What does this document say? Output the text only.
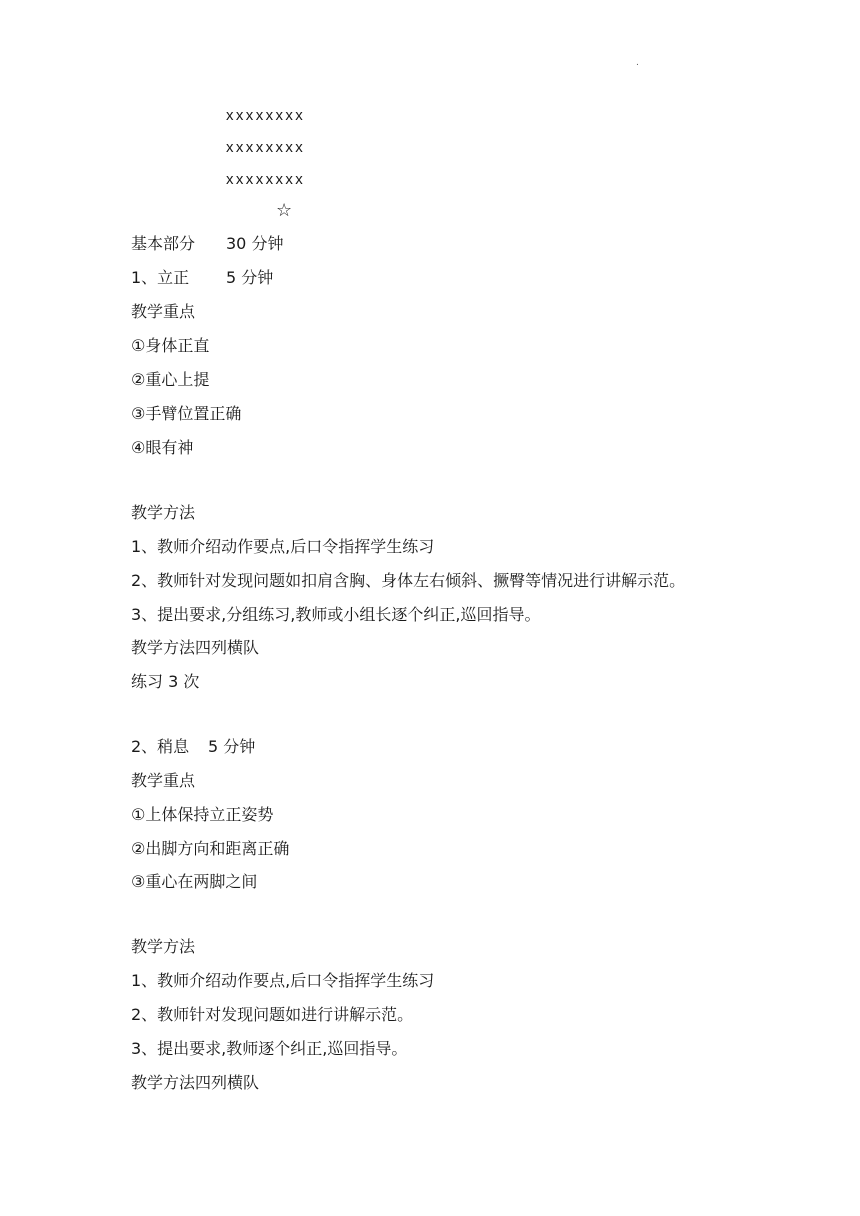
.
xxxxxxxx
xxxxxxxx
xxxxxxxx
☆
基本部分 30 分钟
1、立正 5 分钟
教学重点
①身体正直
②重心上提
③手臂位置正确
④眼有神
教学方法
1、教师介绍动作要点,后口令指挥学生练习
2、教师针对发现问题如扣肩含胸、身体左右倾斜、撅臀等情况进行讲解示范。
3、提出要求,分组练习,教师或小组长逐个纠正,巡回指导。
教学方法四列横队
练习 3 次
2、稍息 5 分钟
教学重点
①上体保持立正姿势
②出脚方向和距离正确
③重心在两脚之间
教学方法
1、教师介绍动作要点,后口令指挥学生练习
2、教师针对发现问题如进行讲解示范。
3、提出要求,教师逐个纠正,巡回指导。
教学方法四列横队
